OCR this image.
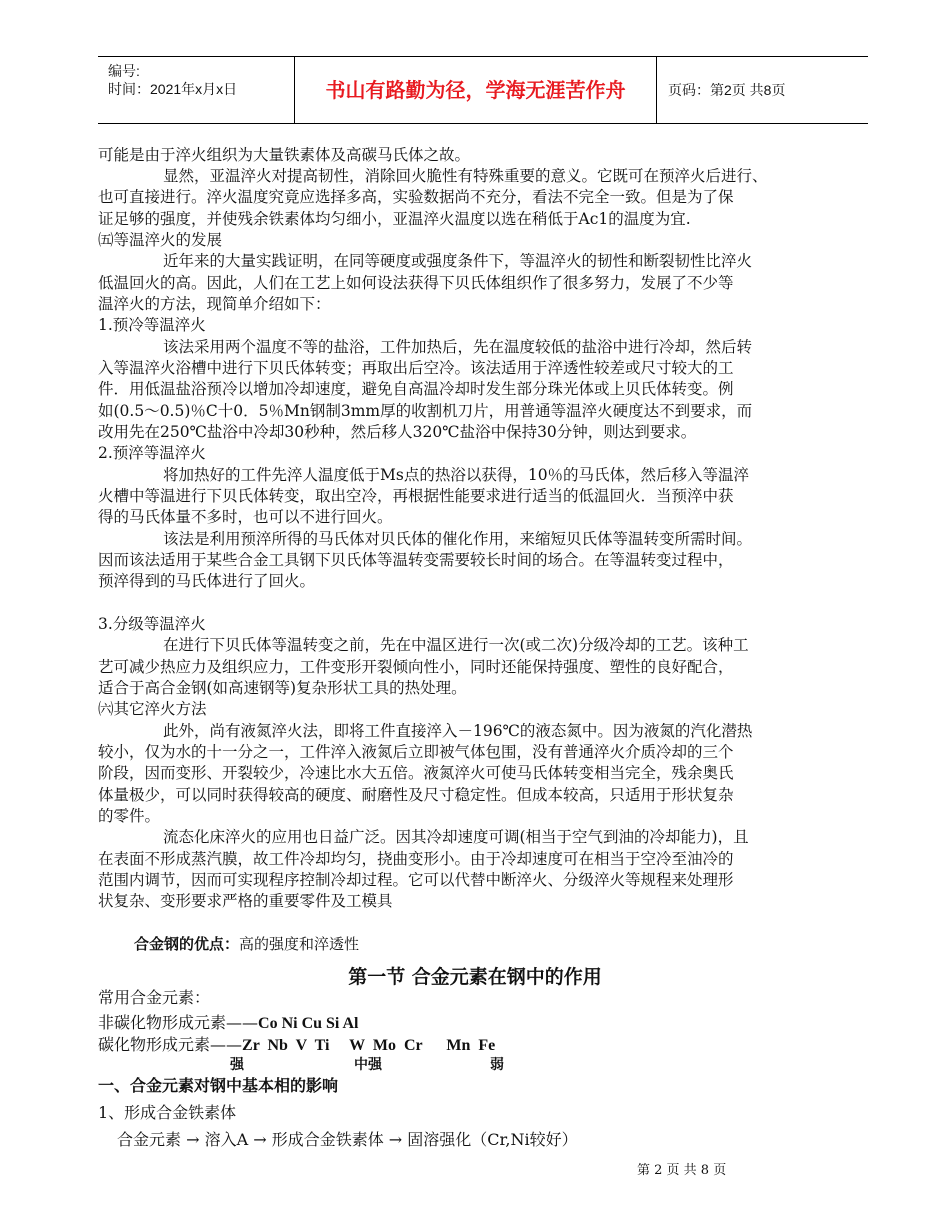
编号:
时间：2021年x月x日	书山有路勤为径，学海无涯苦作舟	页码：第2页 共8页
可能是由于淬火组织为大量铁素体及高碳马氏体之故。
显然，亚温淬火对提高韧性，消除回火脆性有特殊重要的意义。它既可在预淬火后进行、
也可直接进行。淬火温度究竟应选择多高，实验数据尚不充分，看法不完全一致。但是为了保
证足够的强度，并使残余铁素体均匀细小，亚温淬火温度以选在稍低于Ac1的温度为宜.
㈤等温淬火的发展
近年来的大量实践证明，在同等硬度或强度条件下，等温淬火的韧性和断裂韧性比淬火
低温回火的高。因此，人们在工艺上如何设法获得下贝氏体组织作了很多努力，发展了不少等
温淬火的方法，现简单介绍如下：
1.预冷等温淬火
该法采用两个温度不等的盐浴，工件加热后，先在温度较低的盐浴中进行冷却，然后转
入等温淬火浴槽中进行下贝氏体转变；再取出后空冷。该法适用于淬透性较差或尺寸较大的工
件．用低温盐浴预冷以增加冷却速度，避免自高温冷却时发生部分珠光体或上贝氏体转变。例
如(0.5～0.5)％C十0．5％Mn钢制3mm厚的收割机刀片，用普通等温淬火硬度达不到要求，而
改用先在250℃盐浴中冷却30秒种，然后移人320℃盐浴中保持30分钟，则达到要求。
2.预淬等温淬火
将加热好的工件先淬人温度低于Ms点的热浴以获得，10％的马氏体，然后移入等温淬
火槽中等温进行下贝氏体转变，取出空冷，再根据性能要求进行适当的低温回火．当预淬中获
得的马氏体量不多时，也可以不进行回火。
该法是利用预淬所得的马氏体对贝氏体的催化作用，来缩短贝氏体等温转变所需时间。
因而该法适用于某些合金工具钢下贝氏体等温转变需要较长时间的场合。在等温转变过程中，
预淬得到的马氏体进行了回火。
3.分级等温淬火
在进行下贝氏体等温转变之前，先在中温区进行一次(或二次)分级冷却的工艺。该种工
艺可减少热应力及组织应力，工件变形开裂倾向性小，同时还能保持强度、塑性的良好配合，
适合于高合金钢(如高速钢等)复杂形状工具的热处理。
㈥其它淬火方法
此外，尚有液氮淬火法，即将工件直接淬入－196℃的液态氮中。因为液氮的汽化潜热
较小，仅为水的十一分之一，工件淬入液氮后立即被气体包围，没有普通淬火介质冷却的三个
阶段，因而变形、开裂较少，冷速比水大五倍。液氮淬火可使马氏体转变相当完全，残余奥氏
体量极少，可以同时获得较高的硬度、耐磨性及尺寸稳定性。但成本较高，只适用于形状复杂
的零件。
流态化床淬火的应用也日益广泛。因其冷却速度可调(相当于空气到油的冷却能力)，且
在表面不形成蒸汽膜，故工件冷却均匀，挠曲变形小。由于冷却速度可在相当于空冷至油冷的
范围内调节，因而可实现程序控制冷却过程。它可以代替中断淬火、分级淬火等规程来处理形
状复杂、变形要求严格的重要零件及工模具
合金钢的优点：高的强度和淬透性
第一节 合金元素在钢中的作用
常用合金元素：
非碳化物形成元素——Co Ni Cu Si Al
碳化物形成元素——Zr  Nb  V  Ti     W  Mo  Cr      Mn  Fe
强	中强	弱
一、合金元素对钢中基本相的影响
1、形成合金铁素体
合金元素 → 溶入A → 形成合金铁素体 → 固溶强化（Cr,Ni较好）
第 2 页 共 8 页
